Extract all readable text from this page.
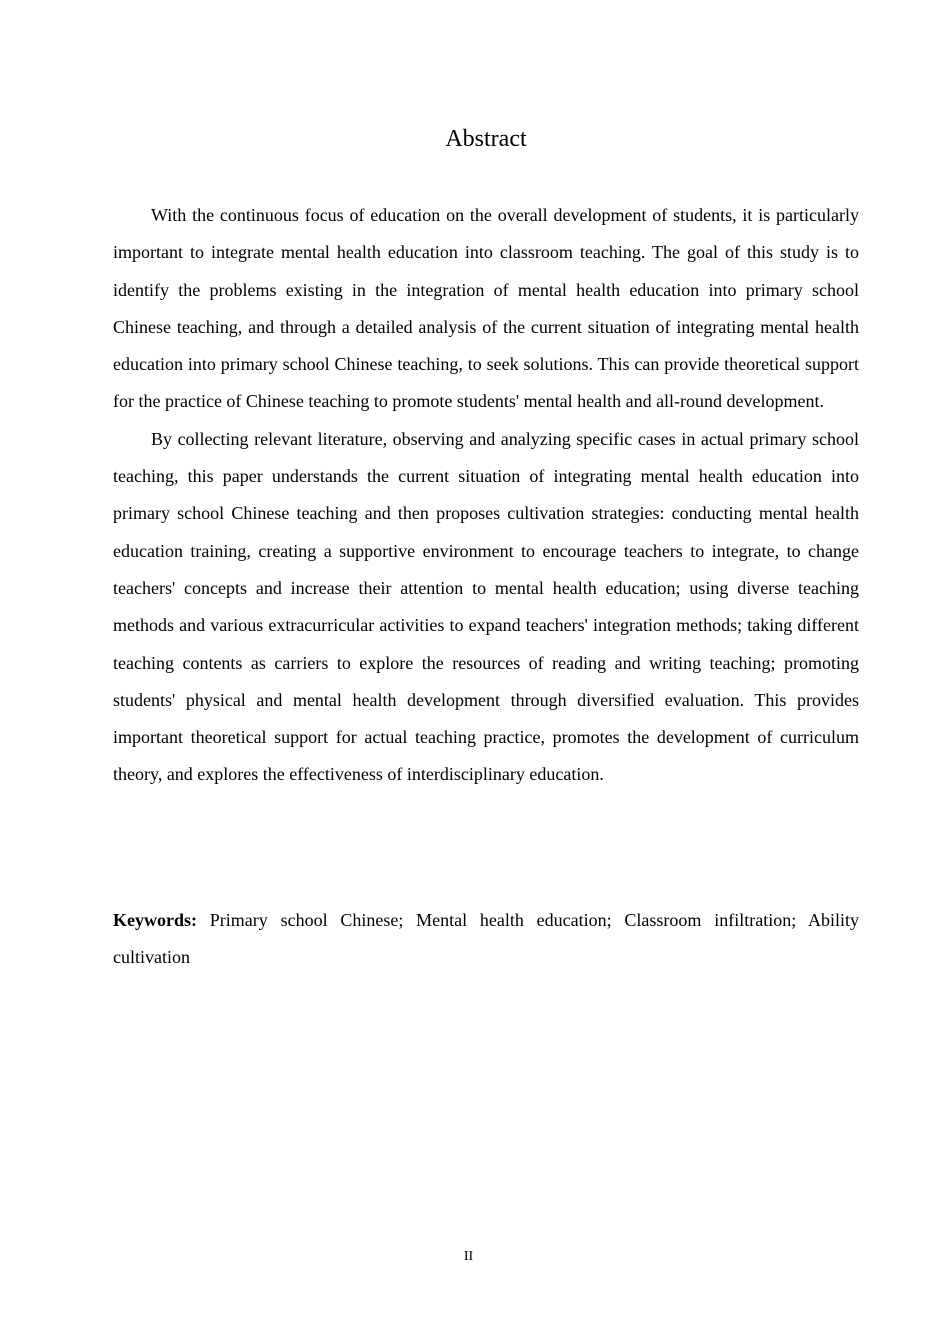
Abstract

With the continuous focus of education on the overall development of students, it is particularly important to integrate mental health education into classroom teaching. The goal of this study is to identify the problems existing in the integration of mental health education into primary school Chinese teaching, and through a detailed analysis of the current situation of integrating mental health education into primary school Chinese teaching, to seek solutions. This can provide theoretical support for the practice of Chinese teaching to promote students' mental health and all-round development.

By collecting relevant literature, observing and analyzing specific cases in actual primary school teaching, this paper understands the current situation of integrating mental health education into primary school Chinese teaching and then proposes cultivation strategies: conducting mental health education training, creating a supportive environment to encourage teachers to integrate, to change teachers' concepts and increase their attention to mental health education; using diverse teaching methods and various extracurricular activities to expand teachers' integration methods; taking different teaching contents as carriers to explore the resources of reading and writing teaching; promoting students' physical and mental health development through diversified evaluation. This provides important theoretical support for actual teaching practice, promotes the development of curriculum theory, and explores the effectiveness of interdisciplinary education.

Keywords: Primary school Chinese; Mental health education; Classroom infiltration; Ability cultivation

II
